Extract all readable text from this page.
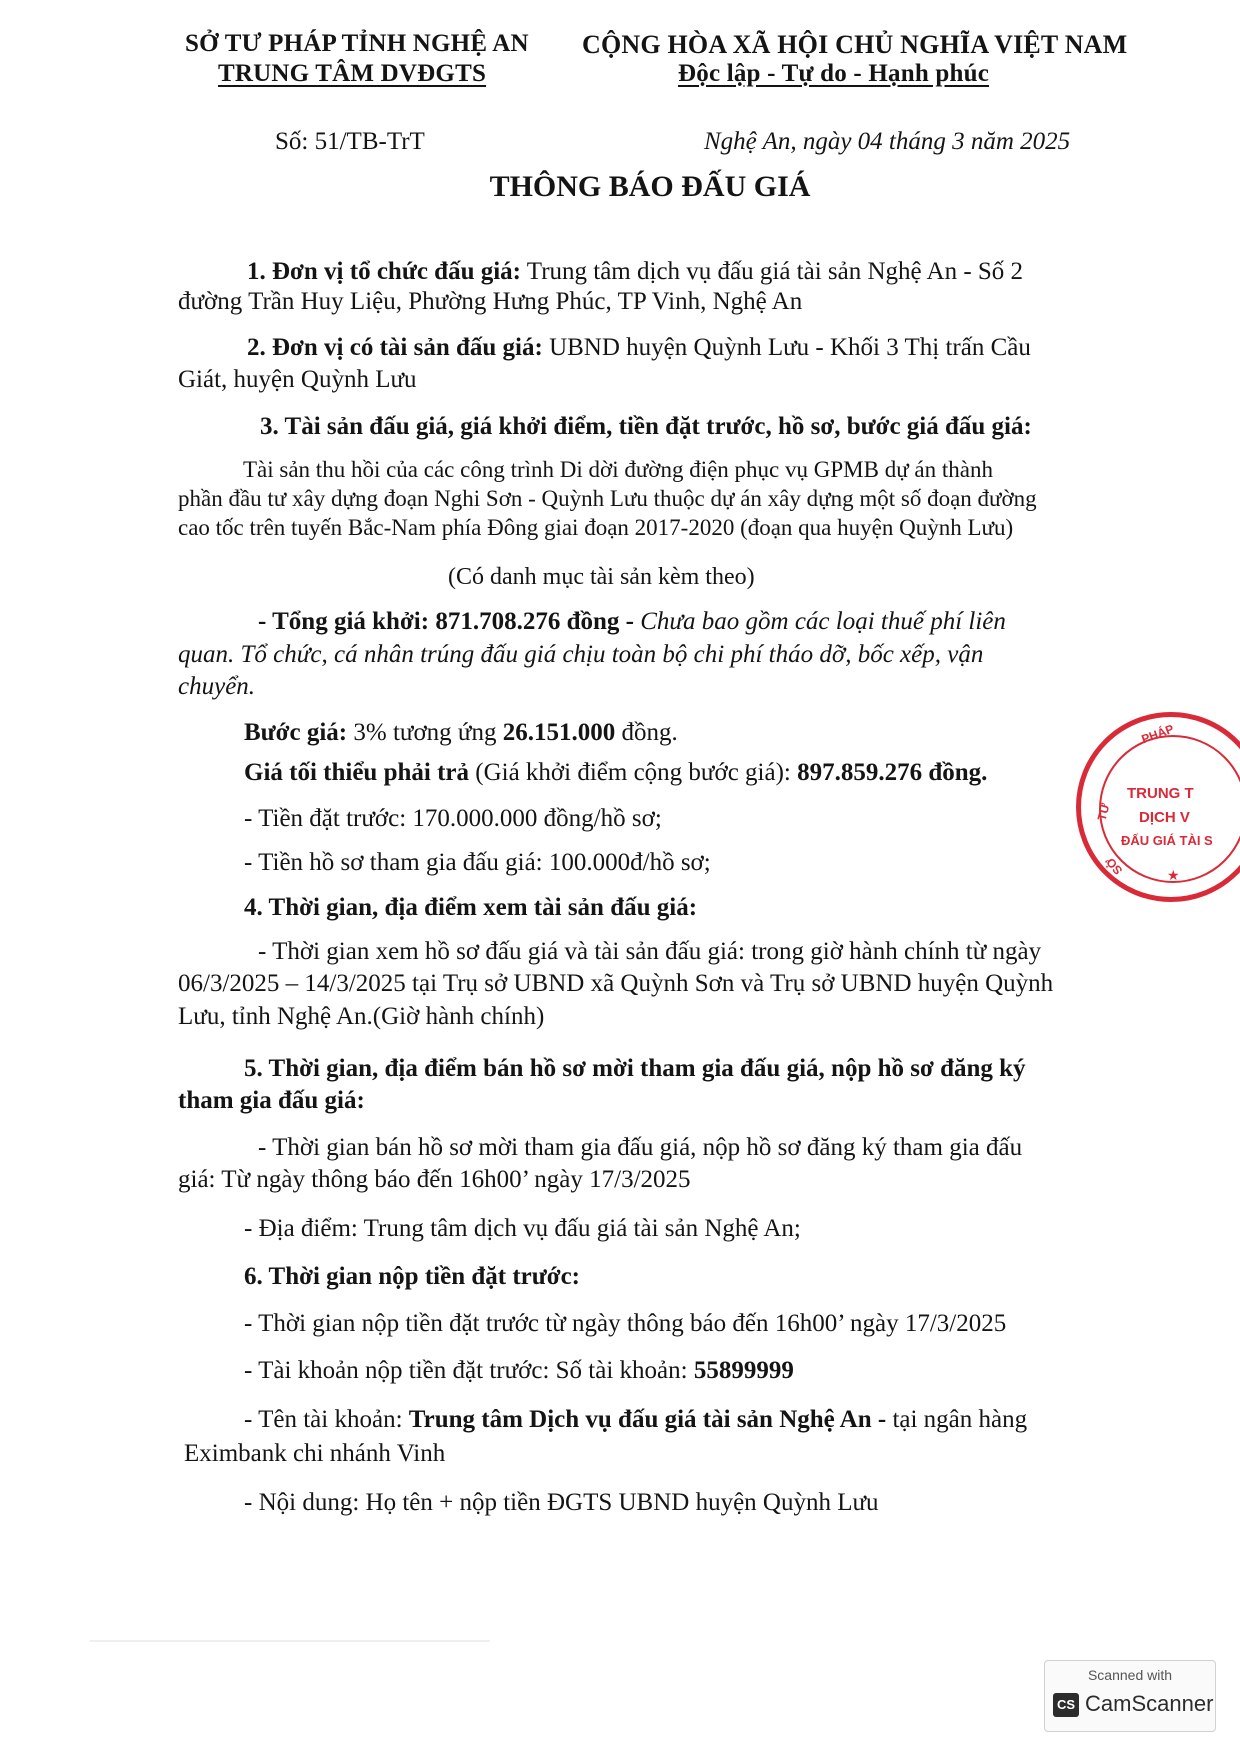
SỞ TƯ PHÁP TỈNH NGHỆ AN
TRUNG TÂM DVĐGTS
CỘNG HÒA XÃ HỘI CHỦ NGHĨA VIỆT NAM
Độc lập - Tự do - Hạnh phúc
Số: 51/TB-TrT	Nghệ An, ngày 04 tháng 3 năm 2025
THÔNG BÁO ĐẤU GIÁ
1. Đơn vị tổ chức đấu giá: Trung tâm dịch vụ đấu giá tài sản Nghệ An - Số 2
đường Trần Huy Liệu, Phường Hưng Phúc, TP Vinh, Nghệ An
2. Đơn vị có tài sản đấu giá: UBND huyện Quỳnh Lưu - Khối 3 Thị trấn Cầu
Giát, huyện Quỳnh Lưu
3. Tài sản đấu giá, giá khởi điểm, tiền đặt trước, hồ sơ, bước giá đấu giá:
Tài sản thu hồi của các công trình Di dời đường điện phục vụ GPMB dự án thành
phần đầu tư xây dựng đoạn Nghi Sơn - Quỳnh Lưu thuộc dự án xây dựng một số đoạn đường
cao tốc trên tuyến Bắc-Nam phía Đông giai đoạn 2017-2020 (đoạn qua huyện Quỳnh Lưu)
(Có danh mục tài sản kèm theo)
- Tổng giá khởi: 871.708.276 đồng - Chưa bao gồm các loại thuế phí liên
quan. Tổ chức, cá nhân trúng đấu giá chịu toàn bộ chi phí tháo dỡ, bốc xếp, vận
chuyển.
Bước giá: 3% tương ứng 26.151.000 đồng.
Giá tối thiểu phải trả (Giá khởi điểm cộng bước giá): 897.859.276 đồng.
- Tiền đặt trước: 170.000.000 đồng/hồ sơ;
- Tiền hồ sơ tham gia đấu giá: 100.000đ/hồ sơ;
4. Thời gian, địa điểm xem tài sản đấu giá:
- Thời gian xem hồ sơ đấu giá và tài sản đấu giá: trong giờ hành chính từ ngày
06/3/2025 – 14/3/2025 tại Trụ sở UBND xã Quỳnh Sơn và Trụ sở UBND huyện Quỳnh
Lưu, tỉnh Nghệ An.(Giờ hành chính)
5. Thời gian, địa điểm bán hồ sơ mời tham gia đấu giá, nộp hồ sơ đăng ký
tham gia đấu giá:
- Thời gian bán hồ sơ mời tham gia đấu giá, nộp hồ sơ đăng ký tham gia đấu
giá: Từ ngày thông báo đến 16h00’ ngày 17/3/2025
- Địa điểm: Trung tâm dịch vụ đấu giá tài sản Nghệ An;
6. Thời gian nộp tiền đặt trước:
- Thời gian nộp tiền đặt trước từ ngày thông báo đến 16h00’ ngày 17/3/2025
- Tài khoản nộp tiền đặt trước: Số tài khoản: 55899999
- Tên tài khoản: Trung tâm Dịch vụ đấu giá tài sản Nghệ An - tại ngân hàng
Eximbank chi nhánh Vinh
- Nội dung: Họ tên + nộp tiền ĐGTS UBND huyện Quỳnh Lưu
PHÁP
TƯ
SỞ
TRUNG T
DỊCH V
ĐẤU GIÁ TÀI S
★
Scanned with
CS CamScanner
